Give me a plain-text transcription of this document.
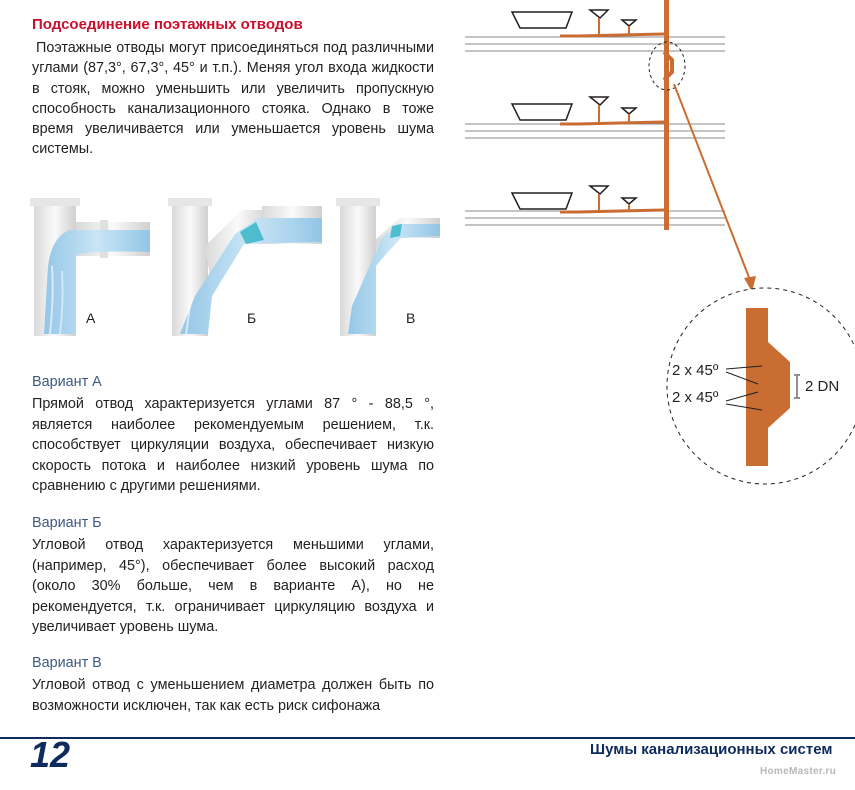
Подсоединение поэтажных отводов

Поэтажные отводы могут присоединяться под различными углами (87,3°, 67,3°, 45° и т.п.). Меняя угол входа жидкости в стояк, можно уменьшить или увеличить пропускную способность канализационного стояка. Однако в тоже время увеличивается или уменьшается уровень шума системы.

А	Б	В
Вариант А

Прямой отвод характеризуется углами 87 ° - 88,5 °, является наиболее рекомендуемым решением, т.к. способствует циркуляции воздуха, обеспечивает низкую скорость потока и наиболее низкий уровень шума по сравнению с другими решениями.

Вариант Б

Угловой отвод характеризуется меньшими углами, (например, 45°), обеспечивает более высокий расход (около 30% больше, чем в варианте А), но не рекомендуется, т.к. ограничивает циркуляцию воздуха и увеличивает уровень шума.

Вариант В

Угловой отвод с уменьшением диаметра должен быть по возможности исключен, так как есть риск сифонажа

2 x 45º
2 x 45º
2 DN
12	Шумы канализационных систем
HomeMaster.ru
